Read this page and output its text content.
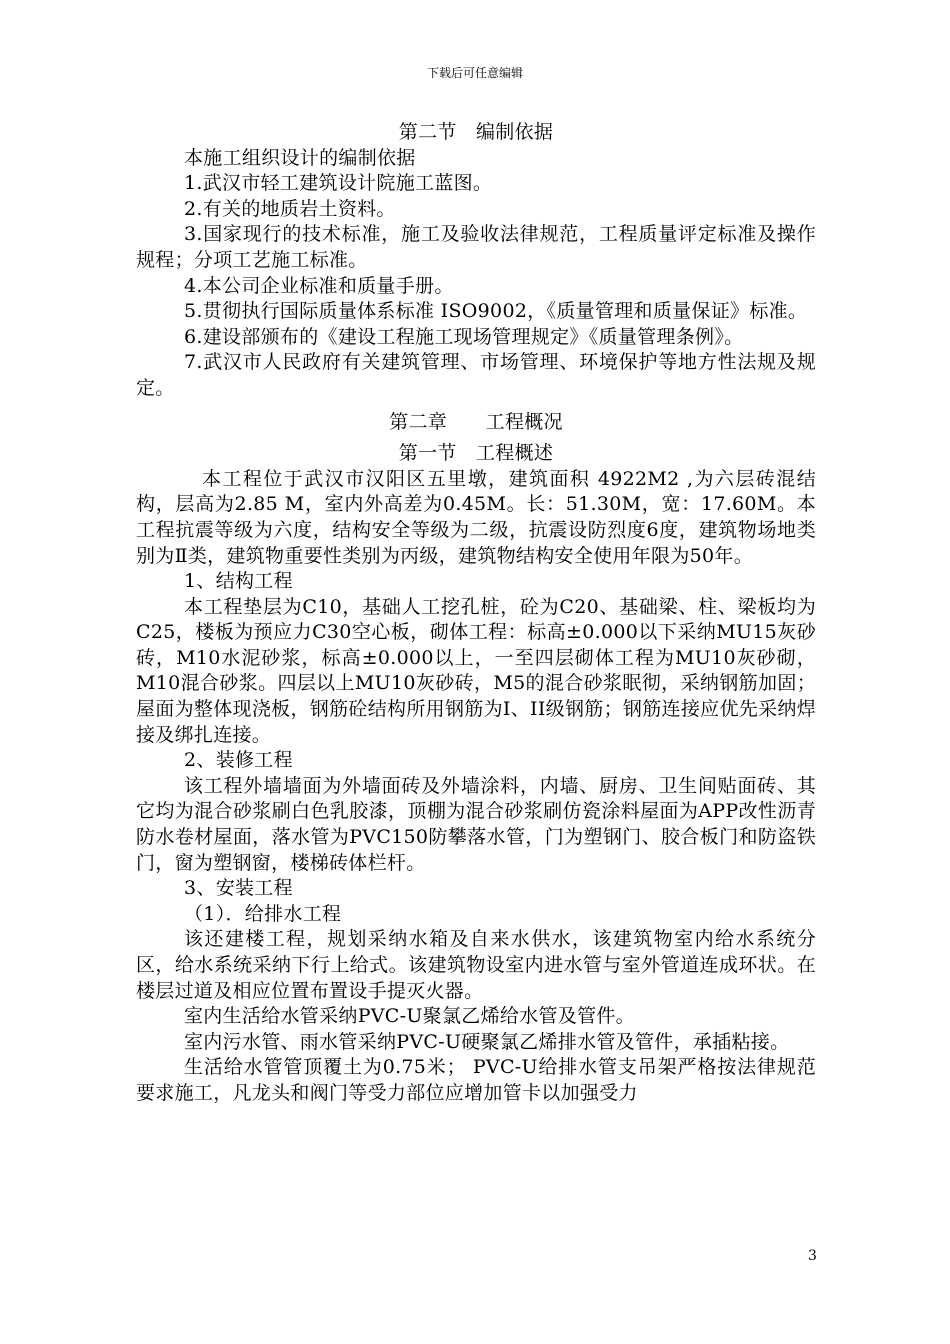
下载后可任意编辑

第二节　编制依据

本施工组织设计的编制依据

1.武汉市轻工建筑设计院施工蓝图。

2.有关的地质岩土资料。

3.国家现行的技术标准，施工及验收法律规范，工程质量评定标准及操作规程；分项工艺施工标准。

4.本公司企业标准和质量手册。

5.贯彻执行国际质量体系标准 ISO9002，《质量管理和质量保证》标准。

6.建设部颁布的《建设工程施工现场管理规定》《质量管理条例》。

7.武汉市人民政府有关建筑管理、市场管理、环境保护等地方性法规及规定。

第二章　　工程概况

第一节　工程概述

本工程位于武汉市汉阳区五里墩，建筑面积 4922M2 ,为六层砖混结构，层高为2.85 M，室内外高差为0.45M。长：51.30M，宽：17.60M。本工程抗震等级为六度，结构安全等级为二级，抗震设防烈度6度，建筑物场地类别为Ⅱ类，建筑物重要性类别为丙级，建筑物结构安全使用年限为50年。

1、结构工程

本工程垫层为C10，基础人工挖孔桩，砼为C20、基础梁、柱、梁板均为C25，楼板为预应力C30空心板，砌体工程：标高±0.000以下采纳MU15灰砂砖，M10水泥砂浆，标高±0.000以上，一至四层砌体工程为MU10灰砂砌，M10混合砂浆。四层以上MU10灰砂砖，M5的混合砂浆眠彻，采纳钢筋加固；屋面为整体现浇板，钢筋砼结构所用钢筋为I、II级钢筋；钢筋连接应优先采纳焊接及绑扎连接。

2、装修工程

该工程外墙墙面为外墙面砖及外墙涂料，内墙、厨房、卫生间贴面砖、其它均为混合砂浆刷白色乳胶漆，顶棚为混合砂浆刷仿瓷涂料屋面为APP改性沥青防水卷材屋面，落水管为PVC150防攀落水管，门为塑钢门、胶合板门和防盗铁门，窗为塑钢窗，楼梯砖体栏杆。

3、安装工程

（1）．给排水工程

该还建楼工程，规划采纳水箱及自来水供水，该建筑物室内给水系统分区，给水系统采纳下行上给式。该建筑物设室内进水管与室外管道连成环状。在楼层过道及相应位置布置设手提灭火器。

室内生活给水管采纳PVC-U聚氯乙烯给水管及管件。

室内污水管、雨水管采纳PVC-U硬聚氯乙烯排水管及管件，承插粘接。

生活给水管管顶覆土为0.75米； PVC-U给排水管支吊架严格按法律规范要求施工，凡龙头和阀门等受力部位应增加管卡以加强受力

3
